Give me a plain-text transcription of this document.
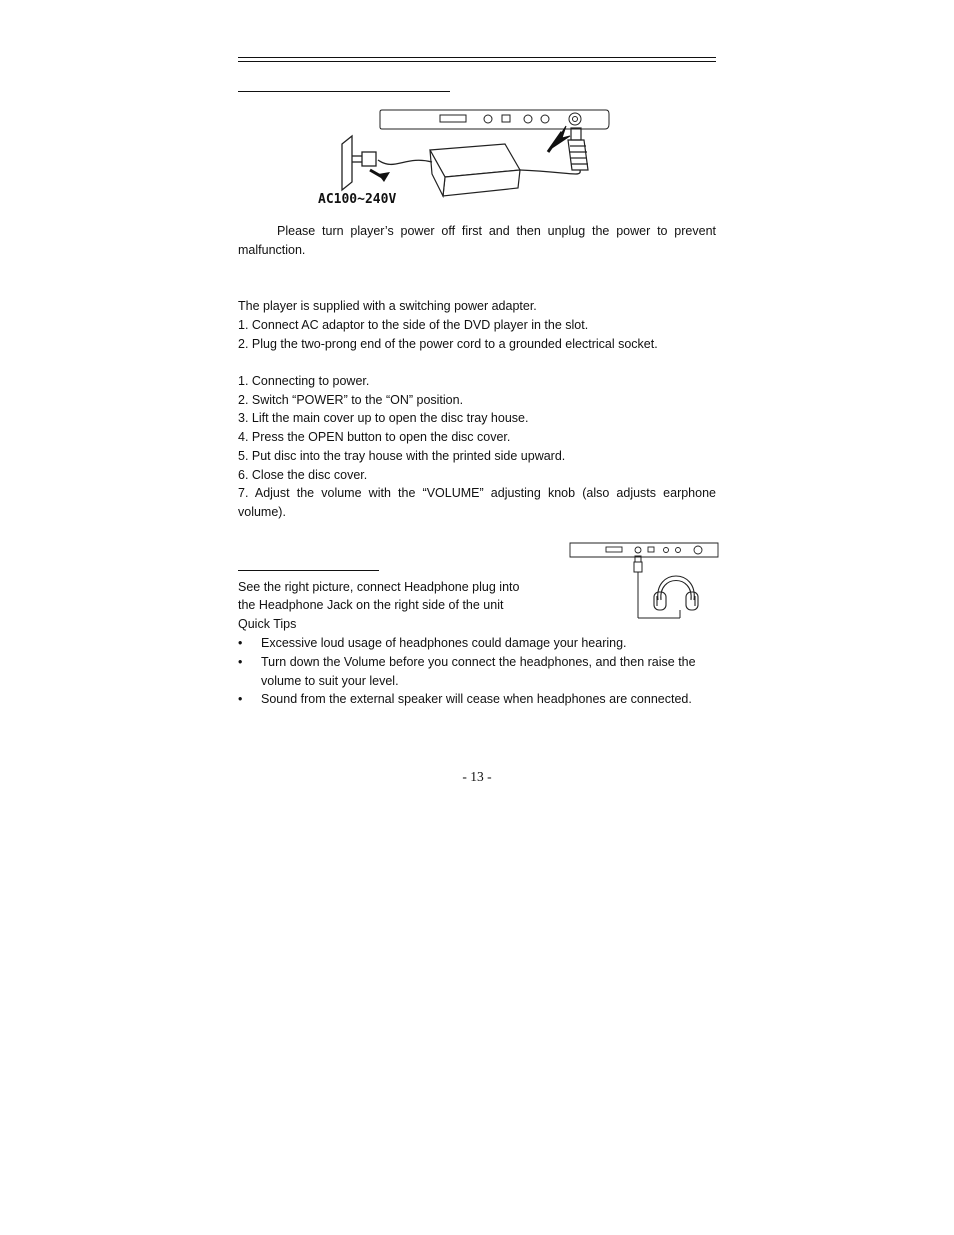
AC100~240V
Please turn player’s power off first and then unplug the power to prevent
malfunction.
The player is supplied with a switching power adapter.
1. Connect AC adaptor to the side of the DVD player in the slot.
2. Plug the two-prong end of the power cord to a grounded electrical socket.
1. Connecting to power.
2. Switch “POWER” to the “ON” position.
3. Lift the main cover up to open the disc tray house.
4. Press the OPEN button to open the disc cover.
5. Put disc into the tray house with the printed side upward.
6. Close the disc cover.
7. Adjust the volume with the “VOLUME” adjusting knob (also adjusts earphone
volume).
See the right picture, connect Headphone plug into
the Headphone Jack on the right side of the unit
Quick Tips
• Excessive loud usage of headphones could damage your hearing.
• Turn down the Volume before you connect the headphones, and then raise the volume to suit your level.
• Sound from the external speaker will cease when headphones are connected.
- 13 -
